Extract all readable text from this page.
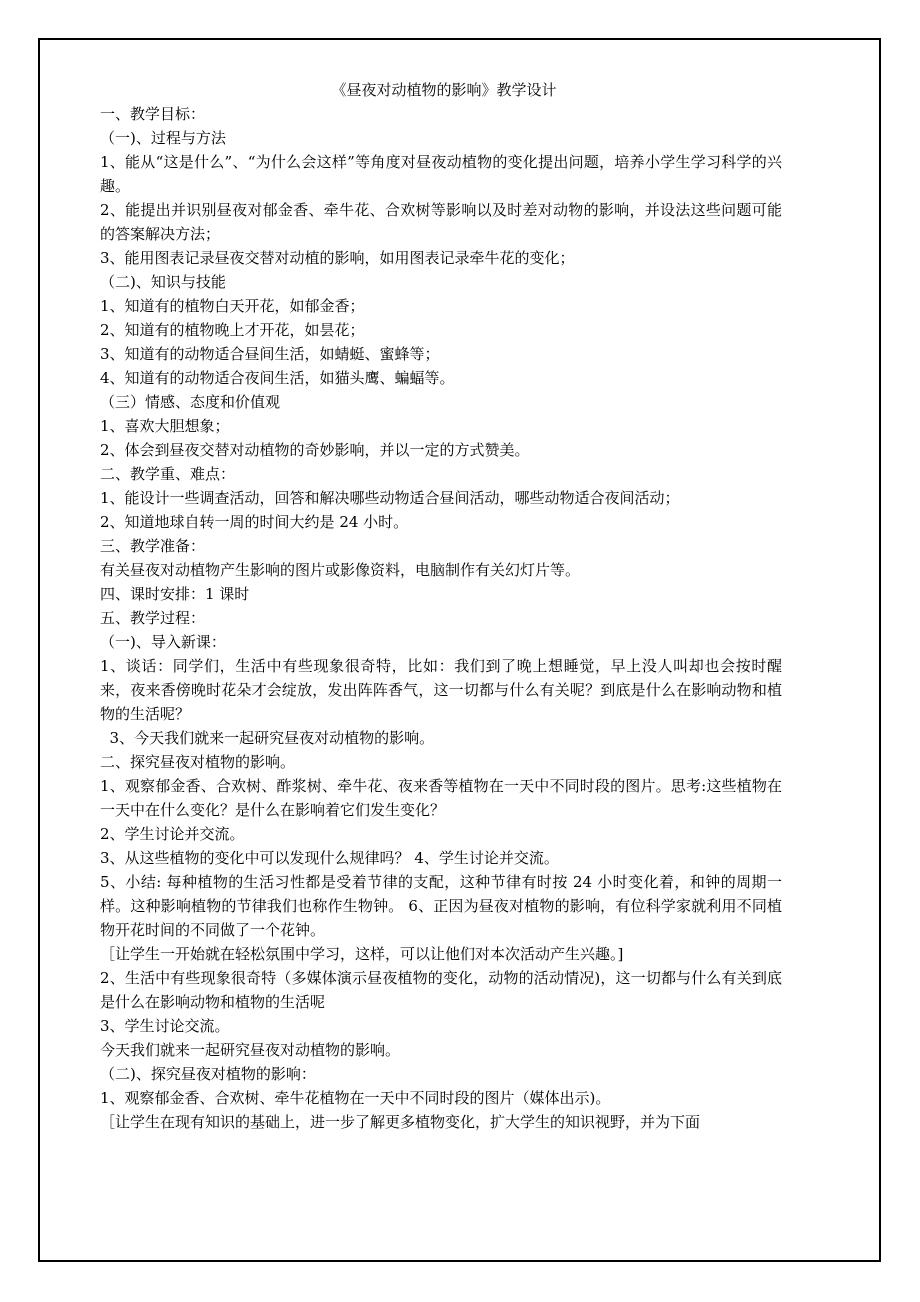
《昼夜对动植物的影响》教学设计
一、教学目标：
（一)、过程与方法
1、能从“这是什么”、“为什么会这样”等角度对昼夜动植物的变化提出问题，培养小学生学习科学的兴趣。
2、能提出并识别昼夜对郁金香、牵牛花、合欢树等影响以及时差对动物的影响，并设法这些问题可能的答案解决方法；
3、能用图表记录昼夜交替对动植的影响，如用图表记录牵牛花的变化；
（二)、知识与技能
1、知道有的植物白天开花，如郁金香；
2、知道有的植物晚上才开花，如昙花；
3、知道有的动物适合昼间生活，如蜻蜓、蜜蜂等；
4、知道有的动物适合夜间生活，如猫头鹰、蝙蝠等。
（三）情感、态度和价值观
1、喜欢大胆想象；
2、体会到昼夜交替对动植物的奇妙影响，并以一定的方式赞美。
二、教学重、难点：
1、能设计一些调查活动，回答和解决哪些动物适合昼间活动，哪些动物适合夜间活动；
2、知道地球自转一周的时间大约是 24 小时。
三、教学准备：
有关昼夜对动植物产生影响的图片或影像资料，电脑制作有关幻灯片等。
四、课时安排：1 课时
五、教学过程：
（一)、导入新课：
1、谈话：同学们，生活中有些现象很奇特，比如：我们到了晚上想睡觉，早上没人叫却也会按时醒来，夜来香傍晚时花朵才会绽放，发出阵阵香气，这一切都与什么有关呢？到底是什么在影响动物和植物的生活呢？
3、今天我们就来一起研究昼夜对动植物的影响。
二、探究昼夜对植物的影响。
1、观察郁金香、合欢树、酢浆树、牵牛花、夜来香等植物在一天中不同时段的图片。思考:这些植物在一天中在什么变化？是什么在影响着它们发生变化？
2、学生讨论并交流。
3、从这些植物的变化中可以发现什么规律吗？ 4、学生讨论并交流。
5、小结: 每种植物的生活习性都是受着节律的支配，这种节律有时按 24 小时变化着，和钟的周期一样。这种影响植物的节律我们也称作生物钟。 6、正因为昼夜对植物的影响，有位科学家就利用不同植物开花时间的不同做了一个花钟。
［让学生一开始就在轻松氛围中学习，这样，可以让他们对本次活动产生兴趣。]
2、生活中有些现象很奇特（多媒体演示昼夜植物的变化，动物的活动情况)，这一切都与什么有关到底是什么在影响动物和植物的生活呢
3、学生讨论交流。
今天我们就来一起研究昼夜对动植物的影响。
（二)、探究昼夜对植物的影响：
1、观察郁金香、合欢树、牵牛花植物在一天中不同时段的图片（媒体出示)。
［让学生在现有知识的基础上，进一步了解更多植物变化，扩大学生的知识视野，并为下面
